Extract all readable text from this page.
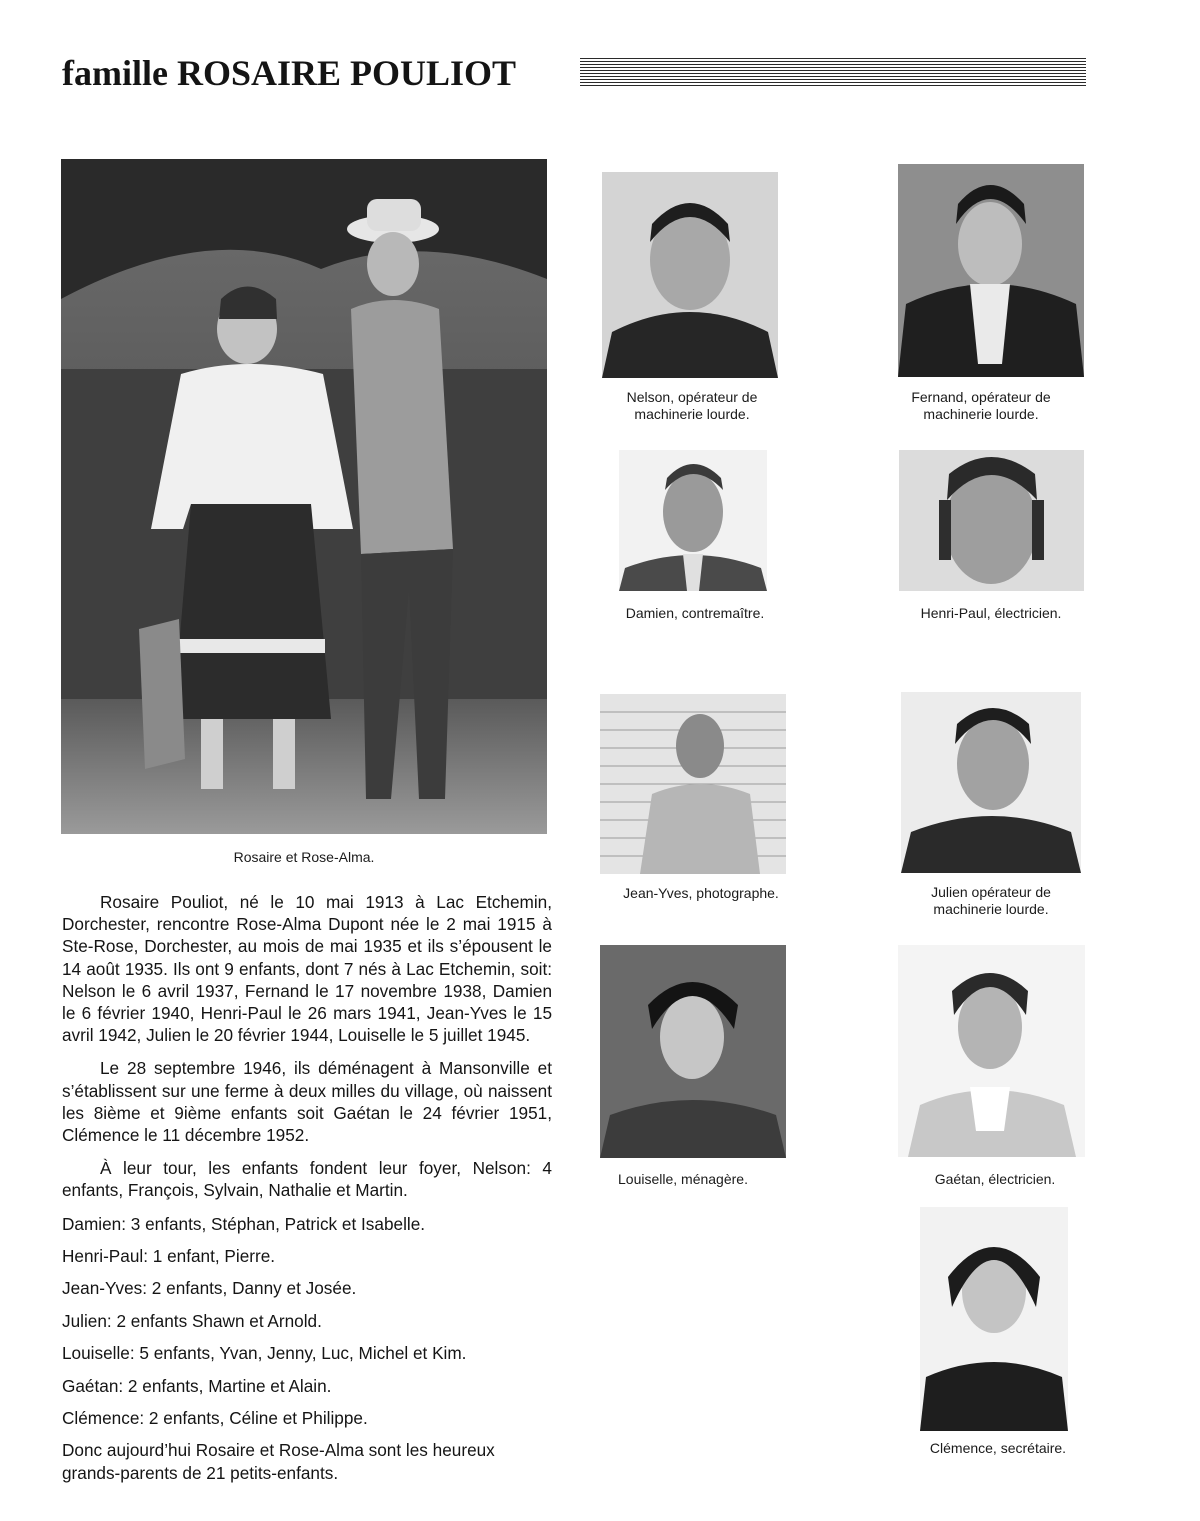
famille ROSAIRE POULIOT
Rosaire et Rose-Alma.
Nelson, opérateur de
machinerie lourde.
Fernand, opérateur de
machinerie lourde.
Damien, contremaître.	Henri-Paul, électricien.
Jean-Yves, photographe.	Julien opérateur de
machinerie lourde.
Louiselle, ménagère.	Gaétan, électricien.
Clémence, secrétaire.

Rosaire Pouliot, né le 10 mai 1913 à Lac Etchemin, Dorchester, rencontre Rose-Alma Dupont née le 2 mai 1915 à Ste-Rose, Dorchester, au mois de mai 1935 et ils s’épousent le 14 août 1935. Ils ont 9 enfants, dont 7 nés à Lac Etchemin, soit: Nelson le 6 avril 1937, Fernand le 17 novembre 1938, Damien le 6 février 1940, Henri-Paul le 26 mars 1941, Jean-Yves le 15 avril 1942, Julien le 20 février 1944, Louiselle le 5 juillet 1945.

Le 28 septembre 1946, ils déménagent à Mansonville et s’établissent sur une ferme à deux milles du village, où naissent les 8ième et 9ième enfants soit Gaétan le 24 février 1951, Clémence le 11 décembre 1952.

À leur tour, les enfants fondent leur foyer, Nelson: 4 enfants, François, Sylvain, Nathalie et Martin.

Damien: 3 enfants, Stéphan, Patrick et Isabelle.

Henri-Paul: 1 enfant, Pierre.

Jean-Yves: 2 enfants, Danny et Josée.

Julien: 2 enfants Shawn et Arnold.

Louiselle: 5 enfants, Yvan, Jenny, Luc, Michel et Kim.

Gaétan: 2 enfants, Martine et Alain.

Clémence: 2 enfants, Céline et Philippe.

Donc aujourd’hui Rosaire et Rose-Alma sont les heureux grands-parents de 21 petits-enfants.
